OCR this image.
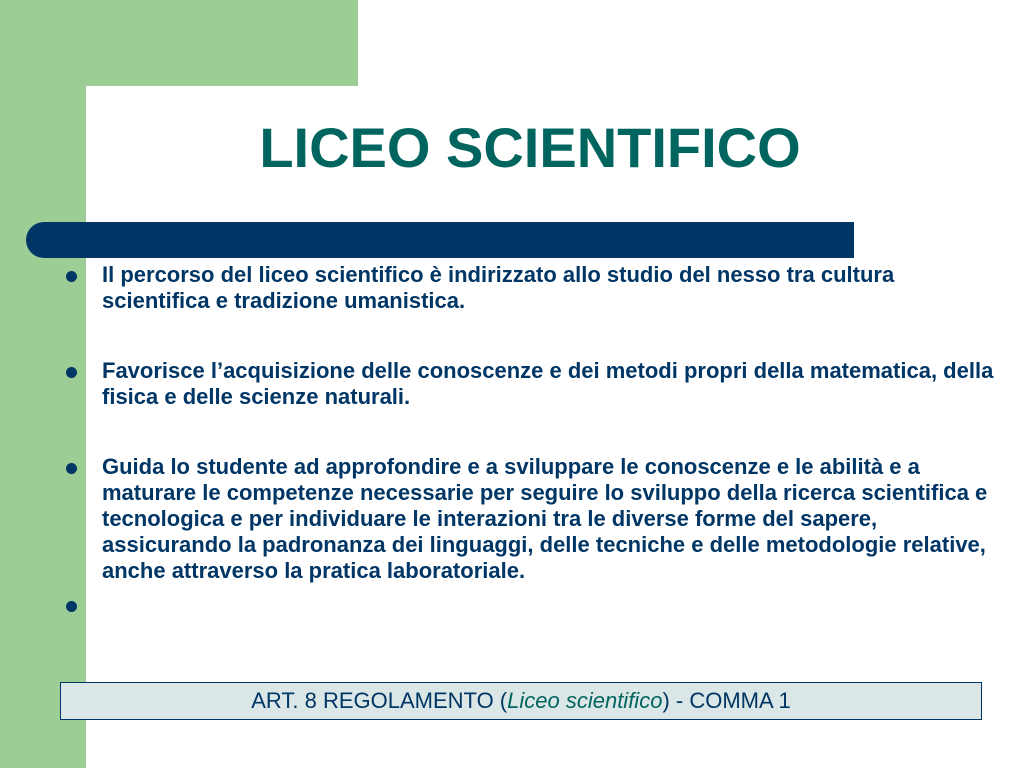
LICEO SCIENTIFICO
Il percorso del liceo scientifico è indirizzato allo studio del nesso tra cultura scientifica e tradizione umanistica.
Favorisce l’acquisizione delle conoscenze e dei metodi propri della matematica, della fisica e delle scienze naturali.
Guida lo studente ad approfondire e a sviluppare le conoscenze e le abilità e a maturare le competenze necessarie per seguire lo sviluppo della ricerca scientifica e tecnologica e per individuare le interazioni tra le diverse forme del sapere, assicurando la padronanza dei linguaggi, delle tecniche e delle metodologie relative, anche attraverso la pratica laboratoriale.
ART. 8 REGOLAMENTO (Liceo scientifico) - COMMA 1
